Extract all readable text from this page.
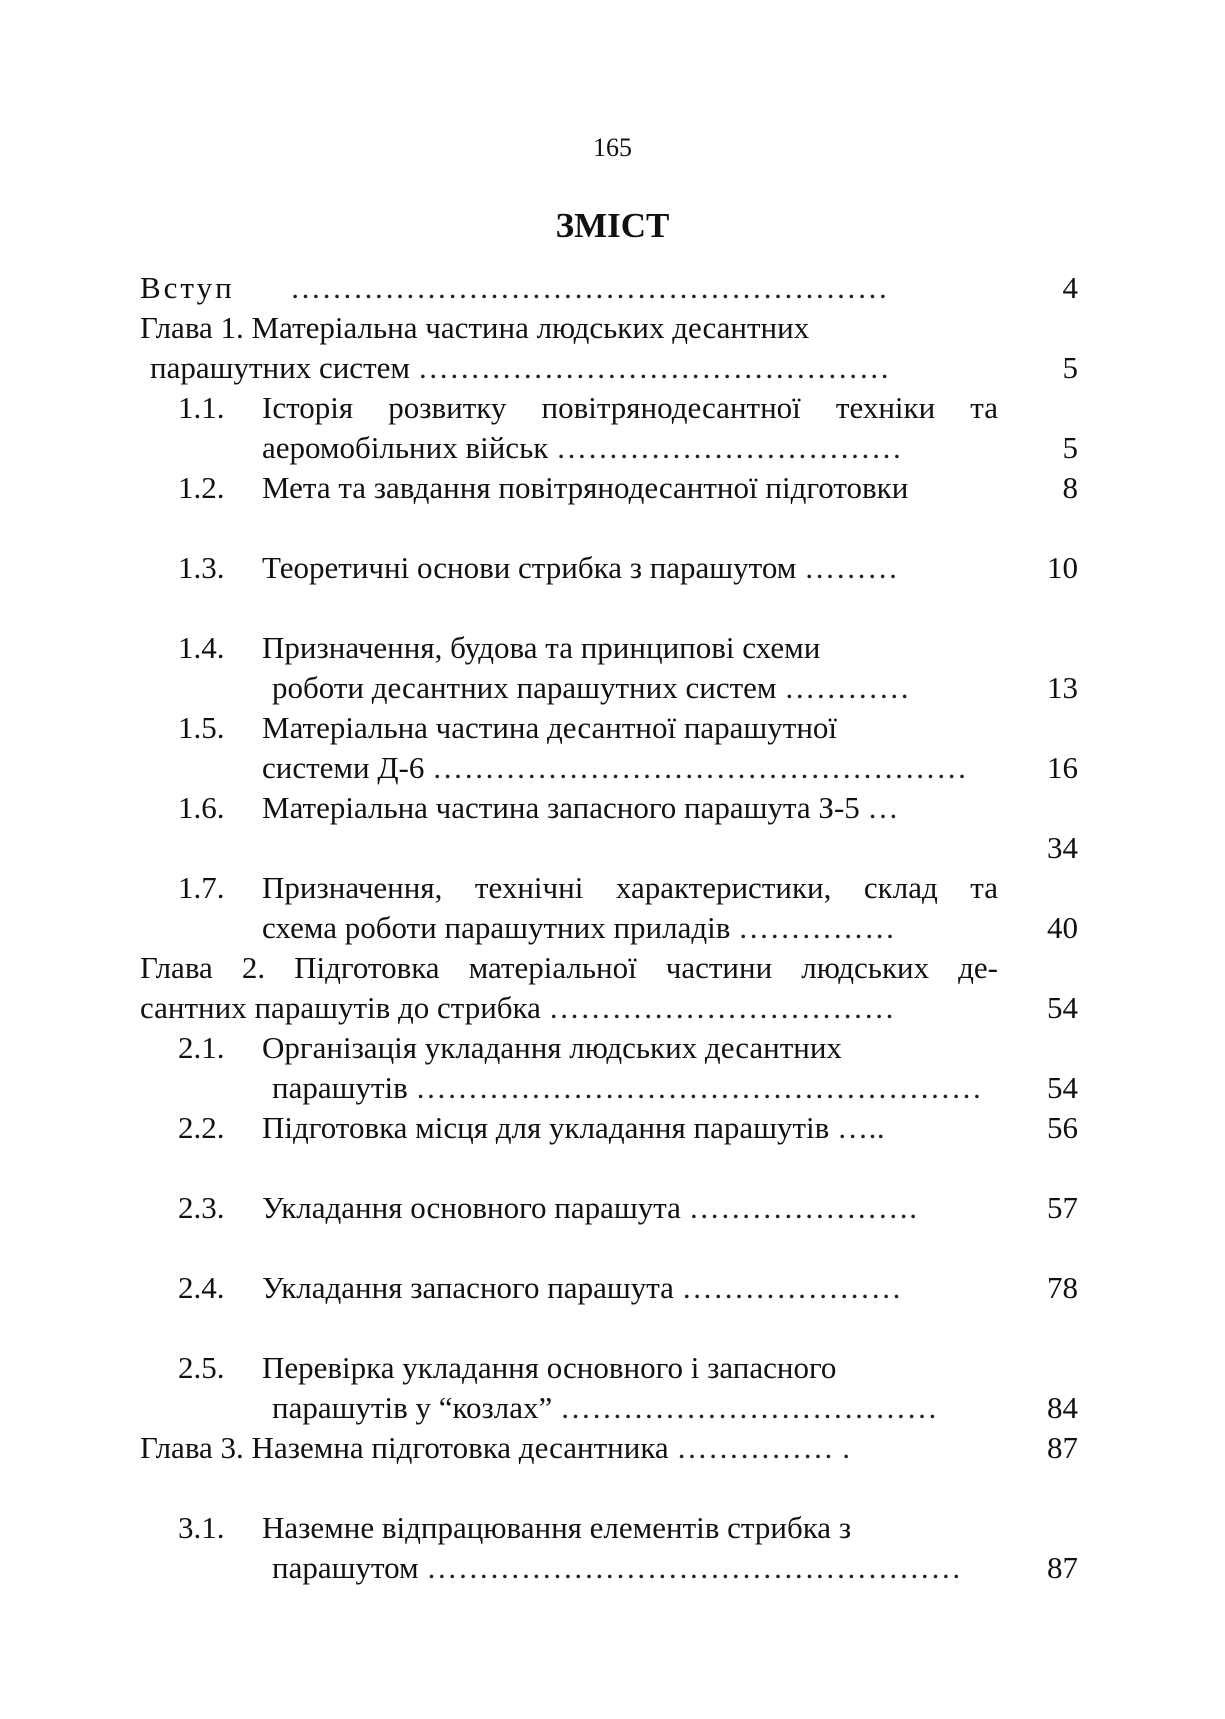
165
ЗМІСТ
Вступ …………………………………………………	4
Глава 1. Матеріальна частина людських десантних
парашутних систем ………………………………………	5
1.1. Історія розвитку повітрянодесантної техніки та
аеромобільних військ ……………………………	5
1.2. Мета та завдання повітрянодесантної підготовки	8
1.3. Теоретичні основи стрибка з парашутом ………	10
1.4. Призначення, будова та принципові схеми
роботи десантних парашутних систем …………	13
1.5. Матеріальна частина десантної парашутної
системи Д-6 ……………………………………………	16
1.6. Матеріальна частина запасного парашута З-5 …
34
1.7. Призначення, технічні характеристики, склад та
схема роботи парашутних приладів ……………	40
Глава 2. Підготовка матеріальної частини людських де-
сантних парашутів до стрибка ……………………………	54
2.1. Організація укладання людських десантних
парашутів ………………………………………………	54
2.2. Підготовка місця для укладання парашутів …..	56
2.3. Укладання основного парашута ………………….	57
2.4. Укладання запасного парашута …………………	78
2.5. Перевірка укладання основного і запасного
парашутів у “козлах” ………………………………	84
Глава 3. Наземна підготовка десантника …………… .	87
3.1. Наземне відпрацювання елементів стрибка з
парашутом ……………………………………………	87
